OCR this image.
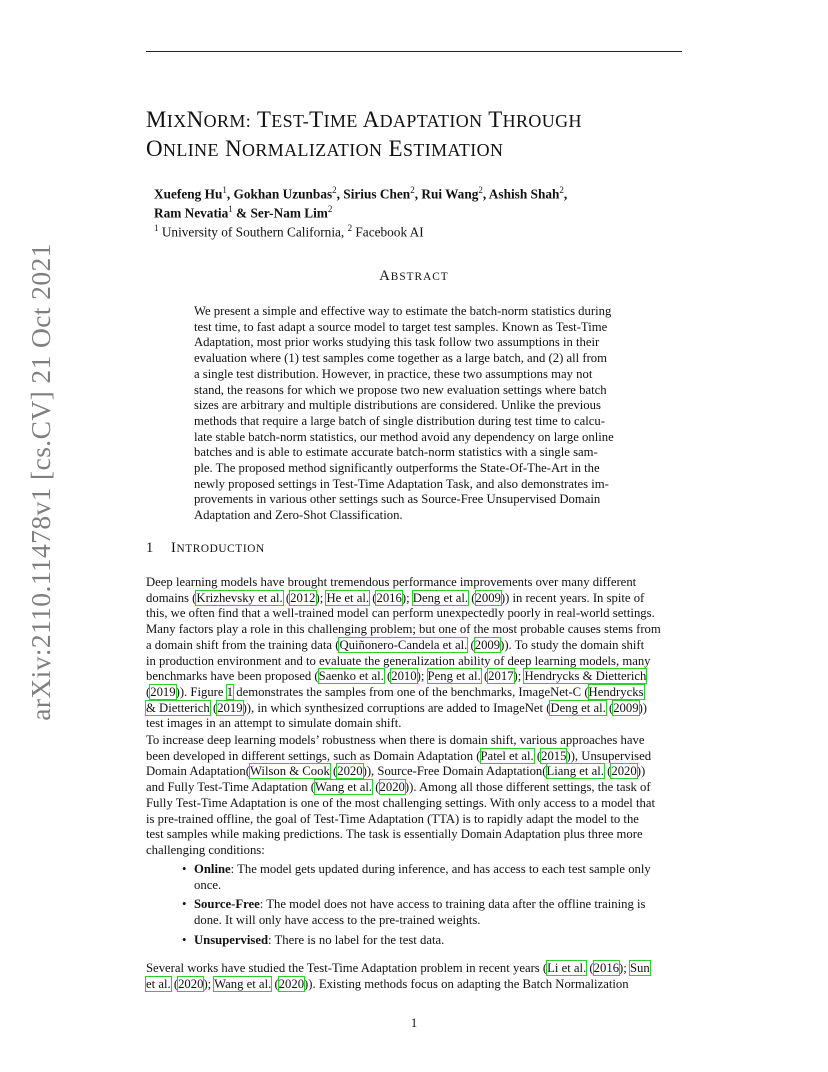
arXiv:2110.11478v1 [cs.CV] 21 Oct 2021
MIXNORM: TEST-TIME ADAPTATION THROUGH
ONLINE NORMALIZATION ESTIMATION
Xuefeng Hu$^1$, Gokhan Uzunbas$^2$, Sirius Chen$^2$, Rui Wang$^2$, Ashish Shah$^2$,
Ram Nevatia$^1$ & Ser-Nam Lim$^2$
$^1$ University of Southern California, $^2$ Facebook AI
ABSTRACT
We present a simple and effective way to estimate the batch-norm statistics during
test time, to fast adapt a source model to target test samples. Known as Test-Time
Adaptation, most prior works studying this task follow two assumptions in their
evaluation where (1) test samples come together as a large batch, and (2) all from
a single test distribution. However, in practice, these two assumptions may not
stand, the reasons for which we propose two new evaluation settings where batch
sizes are arbitrary and multiple distributions are considered. Unlike the previous
methods that require a large batch of single distribution during test time to calcu-
late stable batch-norm statistics, our method avoid any dependency on large online
batches and is able to estimate accurate batch-norm statistics with a single sam-
ple. The proposed method significantly outperforms the State-Of-The-Art in the
newly proposed settings in Test-Time Adaptation Task, and also demonstrates im-
provements in various other settings such as Source-Free Unsupervised Domain
Adaptation and Zero-Shot Classification.
1 INTRODUCTION
Deep learning models have brought tremendous performance improvements over many different
domains (Krizhevsky et al. (2012); He et al. (2016); Deng et al. (2009)) in recent years. In spite of
this, we often find that a well-trained model can perform unexpectedly poorly in real-world settings.
Many factors play a role in this challenging problem; but one of the most probable causes stems from
a domain shift from the training data (Quiñonero-Candela et al. (2009)). To study the domain shift
in production environment and to evaluate the generalization ability of deep learning models, many
benchmarks have been proposed (Saenko et al. (2010); Peng et al. (2017); Hendrycks & Dietterich
(2019)). Figure 1 demonstrates the samples from one of the benchmarks, ImageNet-C (Hendrycks
& Dietterich (2019)), in which synthesized corruptions are added to ImageNet (Deng et al. (2009))
test images in an attempt to simulate domain shift.
To increase deep learning models’ robustness when there is domain shift, various approaches have
been developed in different settings, such as Domain Adaptation (Patel et al. (2015)), Unsupervised
Domain Adaptation(Wilson & Cook (2020)), Source-Free Domain Adaptation(Liang et al. (2020))
and Fully Test-Time Adaptation (Wang et al. (2020)). Among all those different settings, the task of
Fully Test-Time Adaptation is one of the most challenging settings. With only access to a model that
is pre-trained offline, the goal of Test-Time Adaptation (TTA) is to rapidly adapt the model to the
test samples while making predictions. The task is essentially Domain Adaptation plus three more
challenging conditions:
• Online: The model gets updated during inference, and has access to each test sample only
once.
• Source-Free: The model does not have access to training data after the offline training is
done. It will only have access to the pre-trained weights.
• Unsupervised: There is no label for the test data.
Several works have studied the Test-Time Adaptation problem in recent years (Li et al. (2016); Sun
et al. (2020); Wang et al. (2020)). Existing methods focus on adapting the Batch Normalization
1
